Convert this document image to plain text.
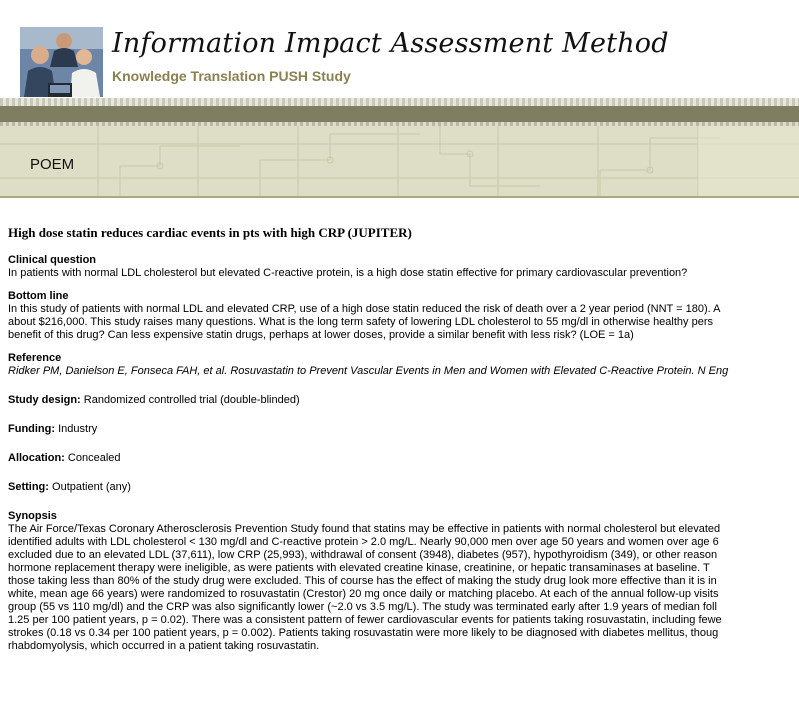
Information Impact Assessment Method
Knowledge Translation PUSH Study
POEM
High dose statin reduces cardiac events in pts with high CRP (JUPITER)
Clinical question
In patients with normal LDL cholesterol but elevated C-reactive protein, is a high dose statin effective for primary cardiovascular prevention?
Bottom line
In this study of patients with normal LDL and elevated CRP, use of a high dose statin reduced the risk of death over a 2 year period (NNT = 180). A
about $216,000. This study raises many questions. What is the long term safety of lowering LDL cholesterol to 55 mg/dl in otherwise healthy pers
benefit of this drug? Can less expensive statin drugs, perhaps at lower doses, provide a similar benefit with less risk? (LOE = 1a)
Reference
Ridker PM, Danielson E, Fonseca FAH, et al. Rosuvastatin to Prevent Vascular Events in Men and Women with Elevated C-Reactive Protein. N Eng
Study design: Randomized controlled trial (double-blinded)
Funding: Industry
Allocation: Concealed
Setting: Outpatient (any)
Synopsis
The Air Force/Texas Coronary Atherosclerosis Prevention Study found that statins may be effective in patients with normal cholesterol but elevated
identified adults with LDL cholesterol < 130 mg/dl and C-reactive protein > 2.0 mg/L. Nearly 90,000 men over age 50 years and women over age 6
excluded due to an elevated LDL (37,611), low CRP (25,993), withdrawal of consent (3948), diabetes (957), hypothyroidism (349), or other reason
hormone replacement therapy were ineligible, as were patients with elevated creatine kinase, creatinine, or hepatic transaminases at baseline. T
those taking less than 80% of the study drug were excluded. This of course has the effect of making the study drug look more effective than it is in
white, mean age 66 years) were randomized to rosuvastatin (Crestor) 20 mg once daily or matching placebo. At each of the annual follow-up visits
group (55 vs 110 mg/dl) and the CRP was also significantly lower (~2.0 vs 3.5 mg/L). The study was terminated early after 1.9 years of median foll
1.25 per 100 patient years, p = 0.02). There was a consistent pattern of fewer cardiovascular events for patients taking rosuvastatin, including fewe
strokes (0.18 vs 0.34 per 100 patient years, p = 0.002). Patients taking rosuvastatin were more likely to be diagnosed with diabetes mellitus, thoug
rhabdomyolysis, which occurred in a patient taking rosuvastatin.
